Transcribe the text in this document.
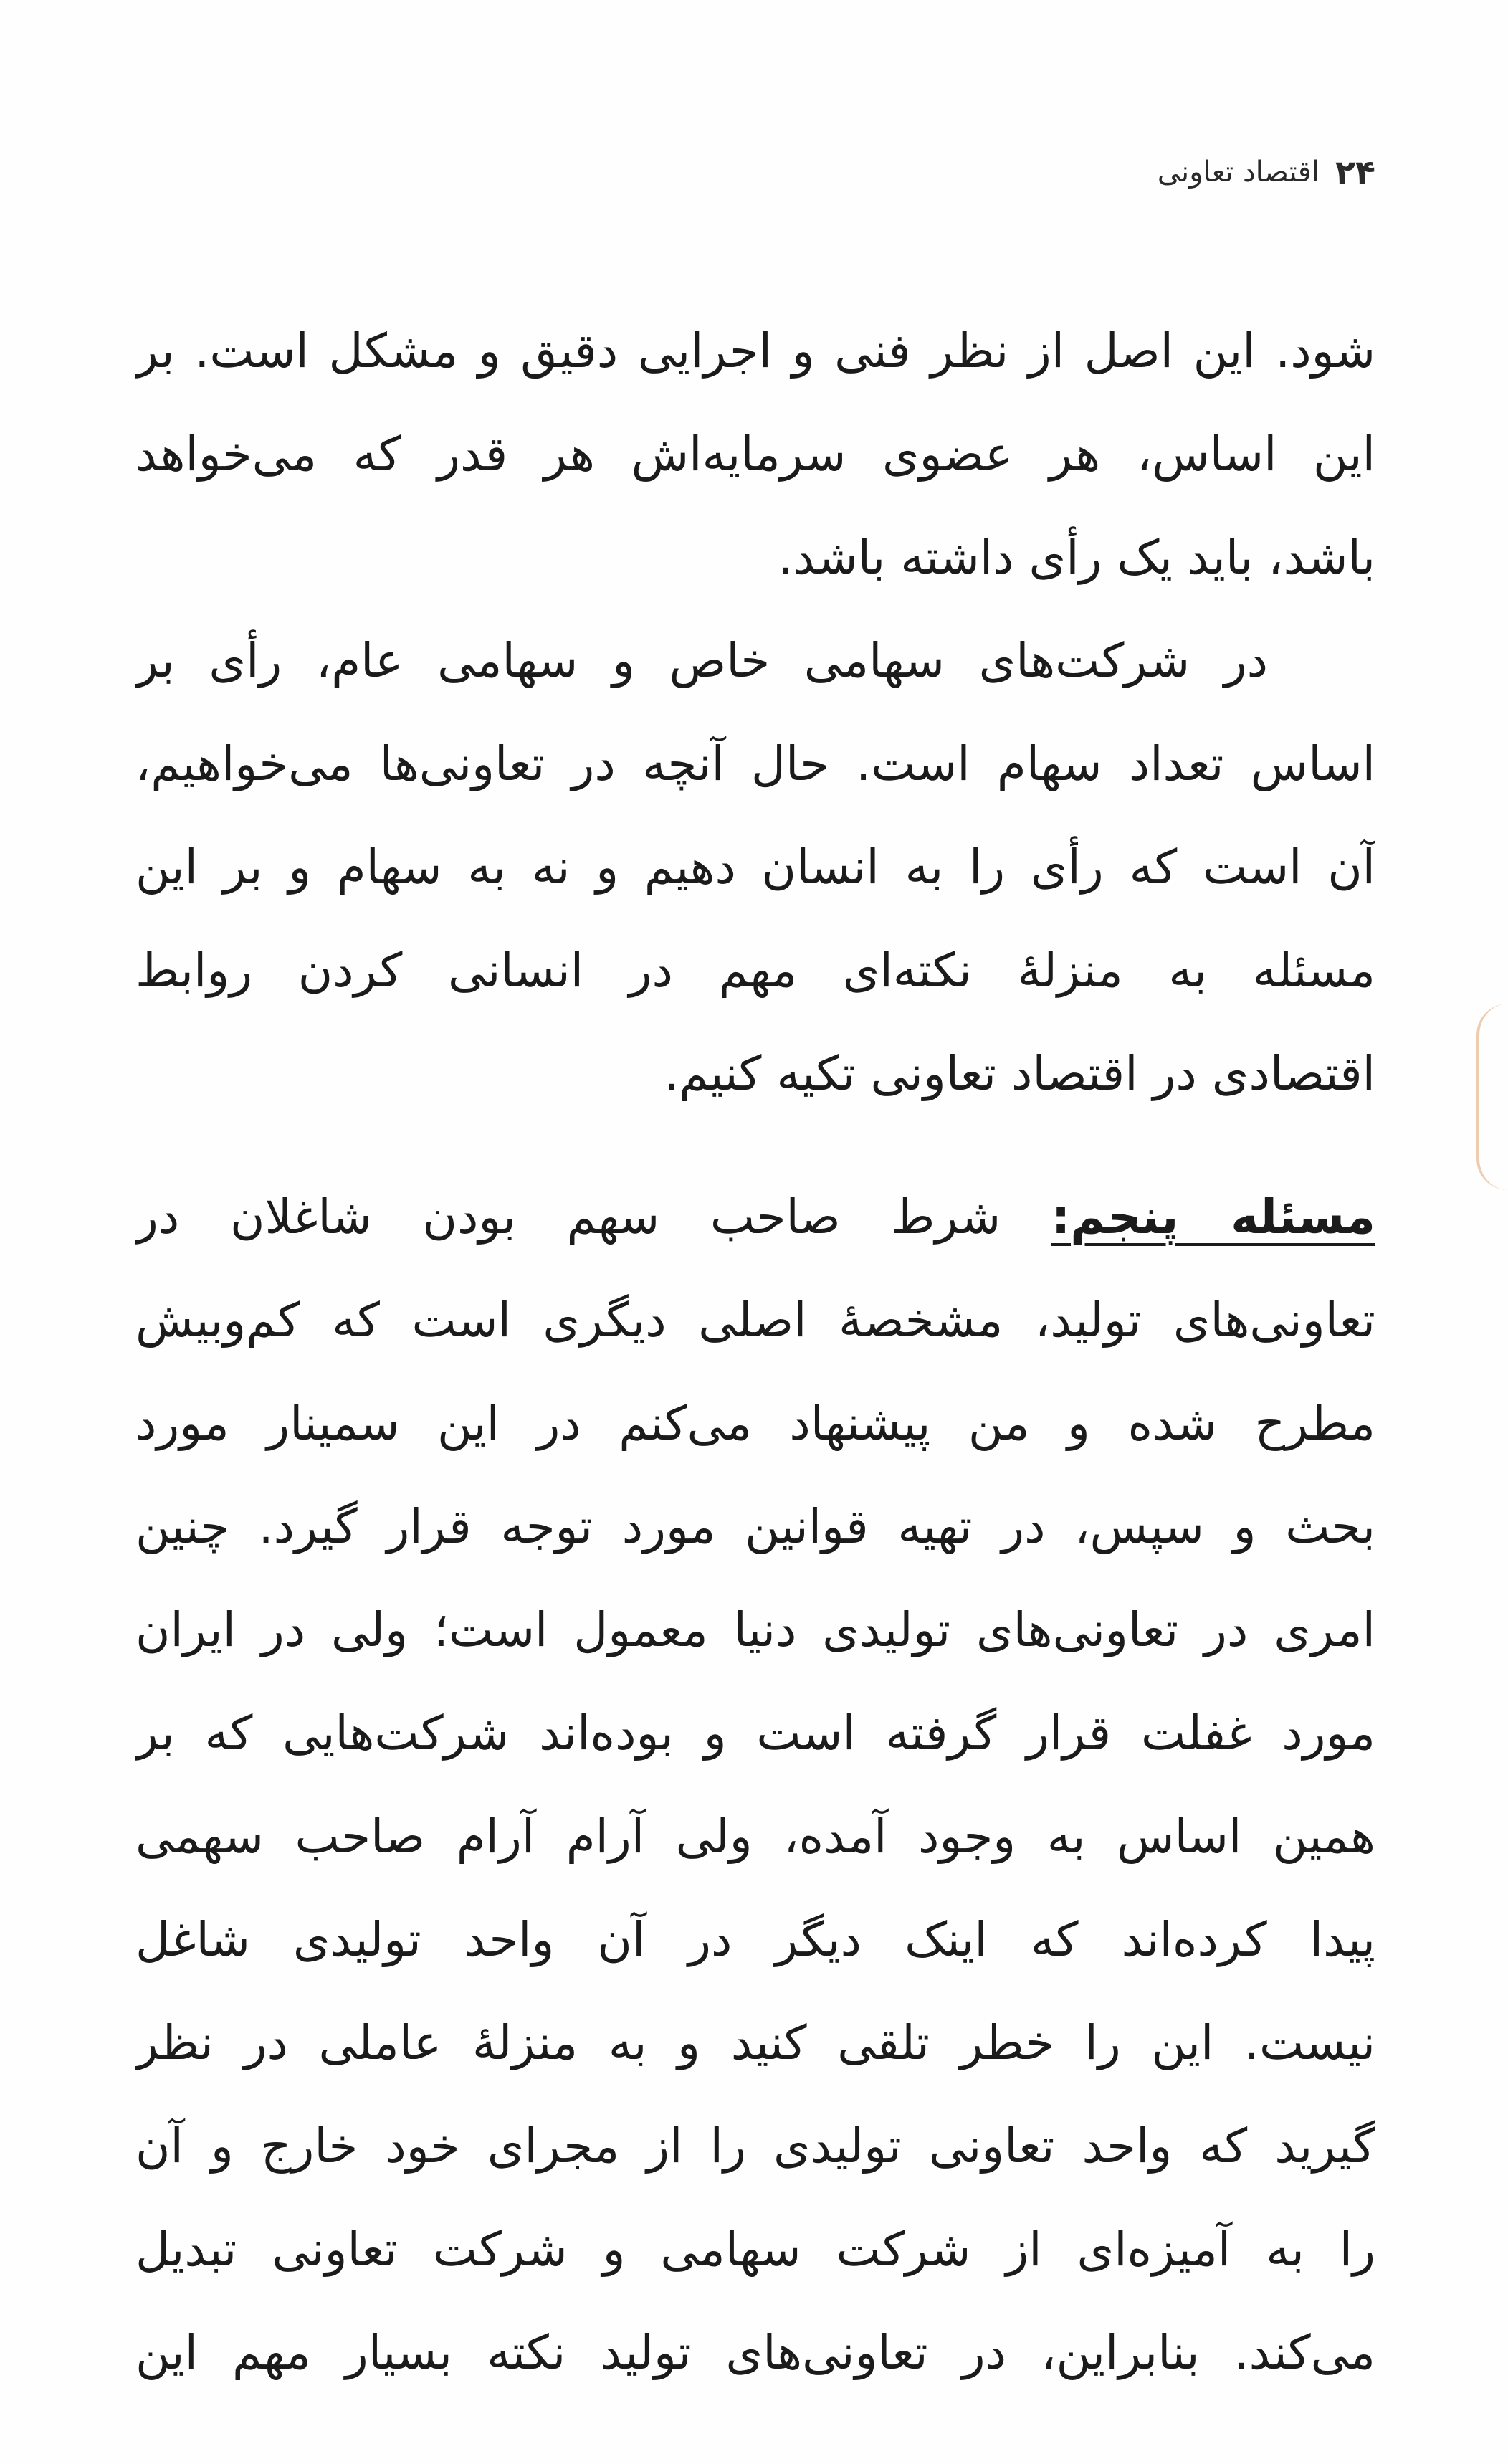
۲۴
اقتصاد تعاونی
شود. این اصل از نظر فنی و اجرایی دقیق و مشکل است. بر
این اساس، هر عضوی سرمایه‌اش هر قدر که می‌خواهد
باشد، باید یک رأی داشته باشد.
در شرکت‌های سهامی خاص و سهامی عام، رأی بر
اساس تعداد سهام است. حال آنچه در تعاونی‌ها می‌خواهیم،
آن است که رأی را به انسان دهیم و نه به سهام و بر این
مسئله به منزلهٔ نکته‌ای مهم در انسانی کردن روابط
اقتصادی در اقتصاد تعاونی تکیه کنیم.
مسئله پنجم: شرط صاحب سهم بودن شاغلان در
تعاونی‌های تولید، مشخصهٔ اصلی دیگری است که کم‌وبیش
مطرح شده و من پیشنهاد می‌کنم در این سمینار مورد
بحث و سپس، در تهیه قوانین مورد توجه قرار گیرد. چنین
امری در تعاونی‌های تولیدی دنیا معمول است؛ ولی در ایران
مورد غفلت قرار گرفته است و بوده‌اند شرکت‌هایی که بر
همین اساس به وجود آمده، ولی آرام آرام صاحب سهمی
پیدا کرده‌اند که اینک دیگر در آن واحد تولیدی شاغل
نیست. این را خطر تلقی کنید و به منزلهٔ عاملی در نظر
گیرید که واحد تعاونی تولیدی را از مجرای خود خارج و آن
را به آمیزه‌ای از شرکت سهامی و شرکت تعاونی تبدیل
می‌کند. بنابراین، در تعاونی‌های تولید نکته بسیار مهم این
